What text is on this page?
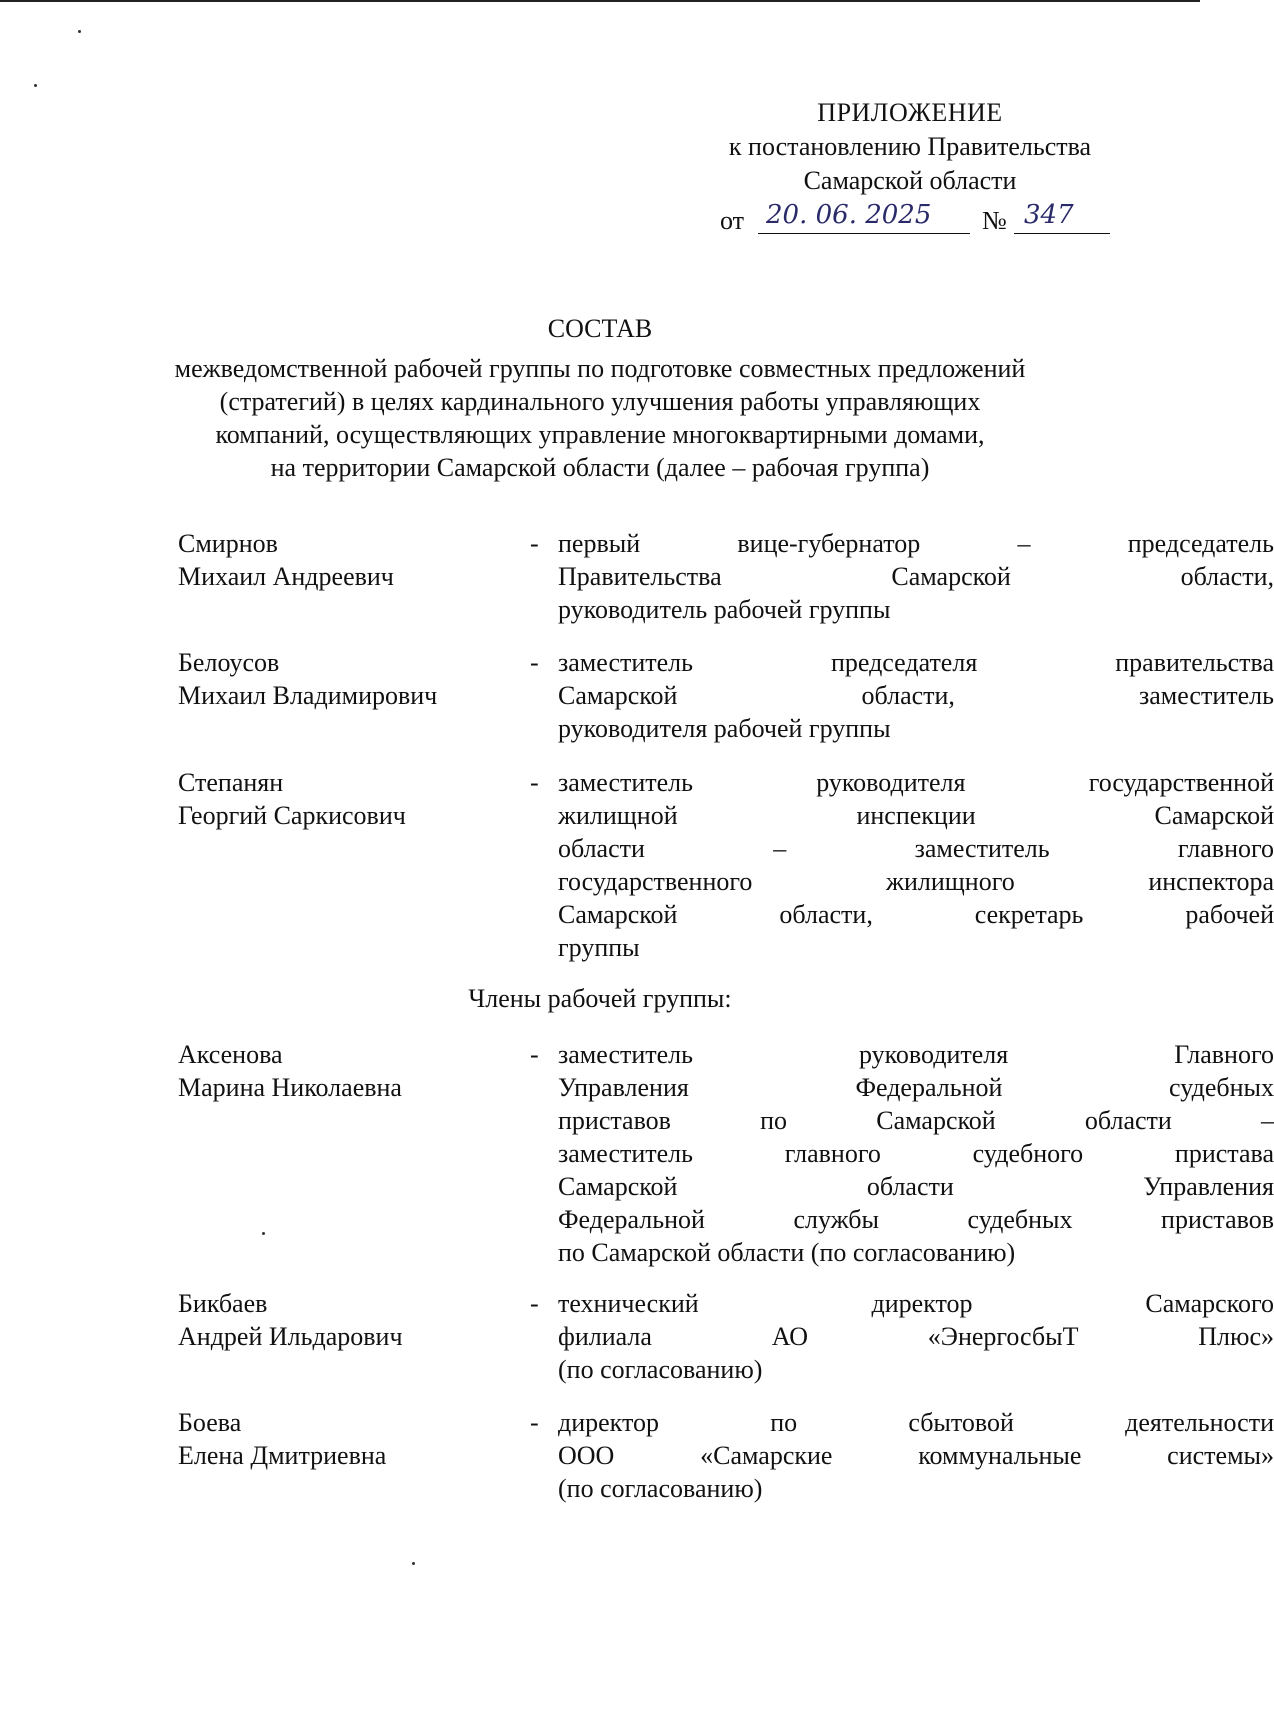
ПРИЛОЖЕНИЕ
к постановлению Правительства
Самарской области
от 20. 06. 2025	№ 347
СОСТАВ
межведомственной рабочей группы по подготовке совместных предложений
(стратегий) в целях кардинального улучшения работы управляющих
компаний, осуществляющих управление многоквартирными домами,
на территории Самарской области (далее – рабочая группа)
Смирнов
Михаил Андреевич
- первый вице-губернатор – председатель
Правительства Самарской области,
руководитель рабочей группы
Белоусов
Михаил Владимирович
- заместитель председателя правительства
Самарской области, заместитель
руководителя рабочей группы
Степанян
Георгий Саркисович
- заместитель руководителя государственной
жилищной инспекции Самарской
области – заместитель главного
государственного жилищного инспектора
Самарской области, секретарь рабочей
группы
Члены рабочей группы:
Аксенова
Марина Николаевна
- заместитель руководителя Главного
Управления Федеральной судебных
приставов по Самарской области –
заместитель главного судебного пристава
Самарской области Управления
Федеральной службы судебных приставов
по Самарской области (по согласованию)
Бикбаев
Андрей Ильдарович
- технический директор Самарского
филиала АО «ЭнергосбыТ Плюс»
(по согласованию)
Боева
Елена Дмитриевна
- директор по сбытовой деятельности
ООО «Самарские коммунальные системы»
(по согласованию)
